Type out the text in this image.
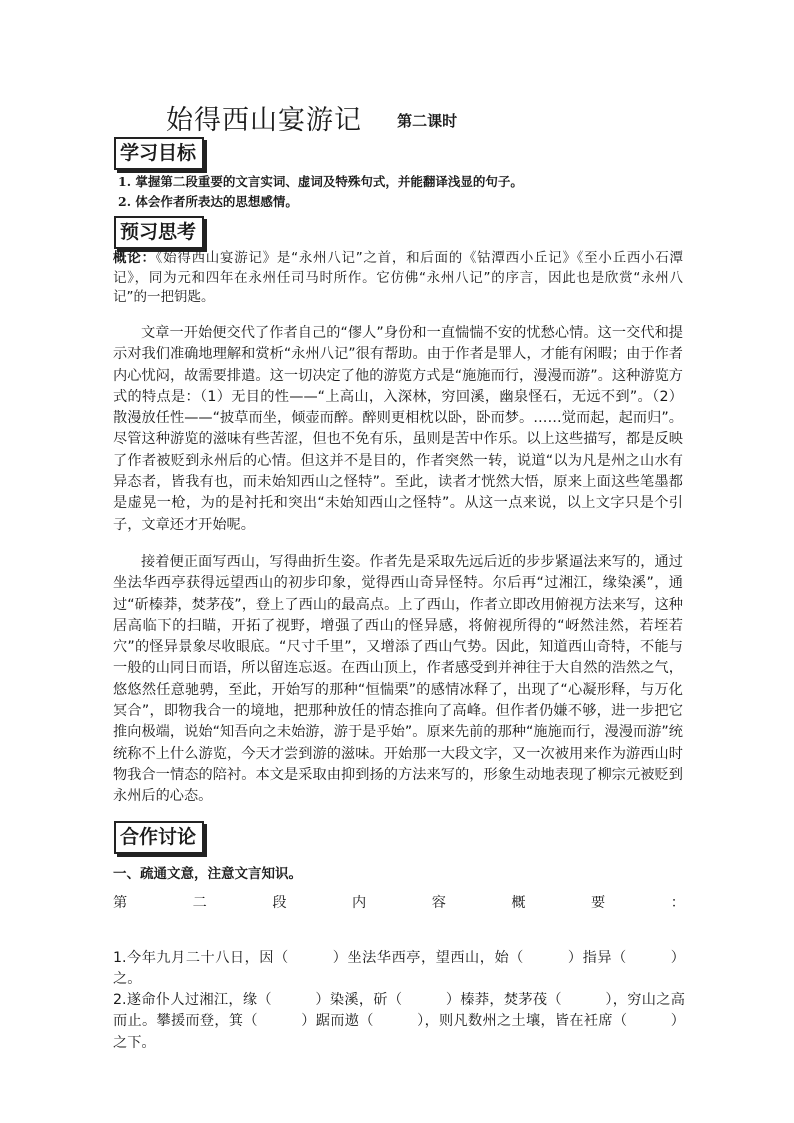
始得西山宴游记 第二课时
学习目标
1. 掌握第二段重要的文言实词、虚词及特殊句式，并能翻译浅显的句子。
2. 体会作者所表达的思想感情。
预习思考
概论：《始得西山宴游记》是“永州八记”之首，和后面的《钴潭西小丘记》《至小丘西小石潭记》，同为元和四年在永州任司马时所作。它仿佛“永州八记”的序言，因此也是欣赏“永州八记”的一把钥匙。
文章一开始便交代了作者自己的“僇人”身份和一直惴惴不安的忧愁心情。这一交代和提示对我们准确地理解和赏析“永州八记”很有帮助。由于作者是罪人，才能有闲暇；由于作者内心忧闷，故需要排遣。这一切决定了他的游览方式是“施施而行，漫漫而游”。这种游览方式的特点是：（1）无目的性——“上高山，入深林，穷回溪，幽泉怪石，无远不到”。（2）散漫放任性——“披草而坐，倾壶而醉。醉则更相枕以卧，卧而梦。……觉而起，起而归”。尽管这种游览的滋味有些苦涩，但也不免有乐，虽则是苦中作乐。以上这些描写，都是反映了作者被贬到永州后的心情。但这并不是目的，作者突然一转，说道“以为凡是州之山水有异态者，皆我有也，而未始知西山之怪特”。至此，读者才恍然大悟，原来上面这些笔墨都是虚晃一枪，为的是衬托和突出“未始知西山之怪特”。从这一点来说，以上文字只是个引子，文章还才开始呢。
接着便正面写西山，写得曲折生姿。作者先是采取先远后近的步步紧逼法来写的，通过坐法华西亭获得远望西山的初步印象，觉得西山奇异怪特。尔后再“过湘江，缘染溪”，通过“斫榛莽，焚茅茷”，登上了西山的最高点。上了西山，作者立即改用俯视方法来写，这种居高临下的扫瞄，开拓了视野，增强了西山的怪异感，将俯视所得的“岈然洼然，若垤若穴”的怪异景象尽收眼底。“尺寸千里”，又增添了西山气势。因此，知道西山奇特，不能与一般的山同日而语，所以留连忘返。在西山顶上，作者感受到并神往于大自然的浩然之气，悠悠然任意驰骋，至此，开始写的那种“恒惴栗”的感情冰释了，出现了“心凝形释，与万化冥合”，即物我合一的境地，把那种放任的情态推向了高峰。但作者仍嫌不够，进一步把它推向极端，说始“知吾向之未始游，游于是乎始”。原来先前的那种“施施而行，漫漫而游”统统称不上什么游览，今天才尝到游的滋味。开始那一大段文字，又一次被用来作为游西山时物我合一情态的陪衬。本文是采取由抑到扬的方法来写的，形象生动地表现了柳宗元被贬到永州后的心态。
合作讨论
一、疏通文意，注意文言知识。
第	二	段	内	容	概	要	：
1.今年九月二十八日，因（　　　）坐法华西亭，望西山，始（　　　）指异（　　　）之。
2.遂命仆人过湘江，缘（　　　）染溪，斫（　　　）榛莽，焚茅茷（　　　），穷山之高而止。攀援而登，箕（　　　）踞而遨（　　　），则凡数州之土壤，皆在衽席（　　　）之下。
